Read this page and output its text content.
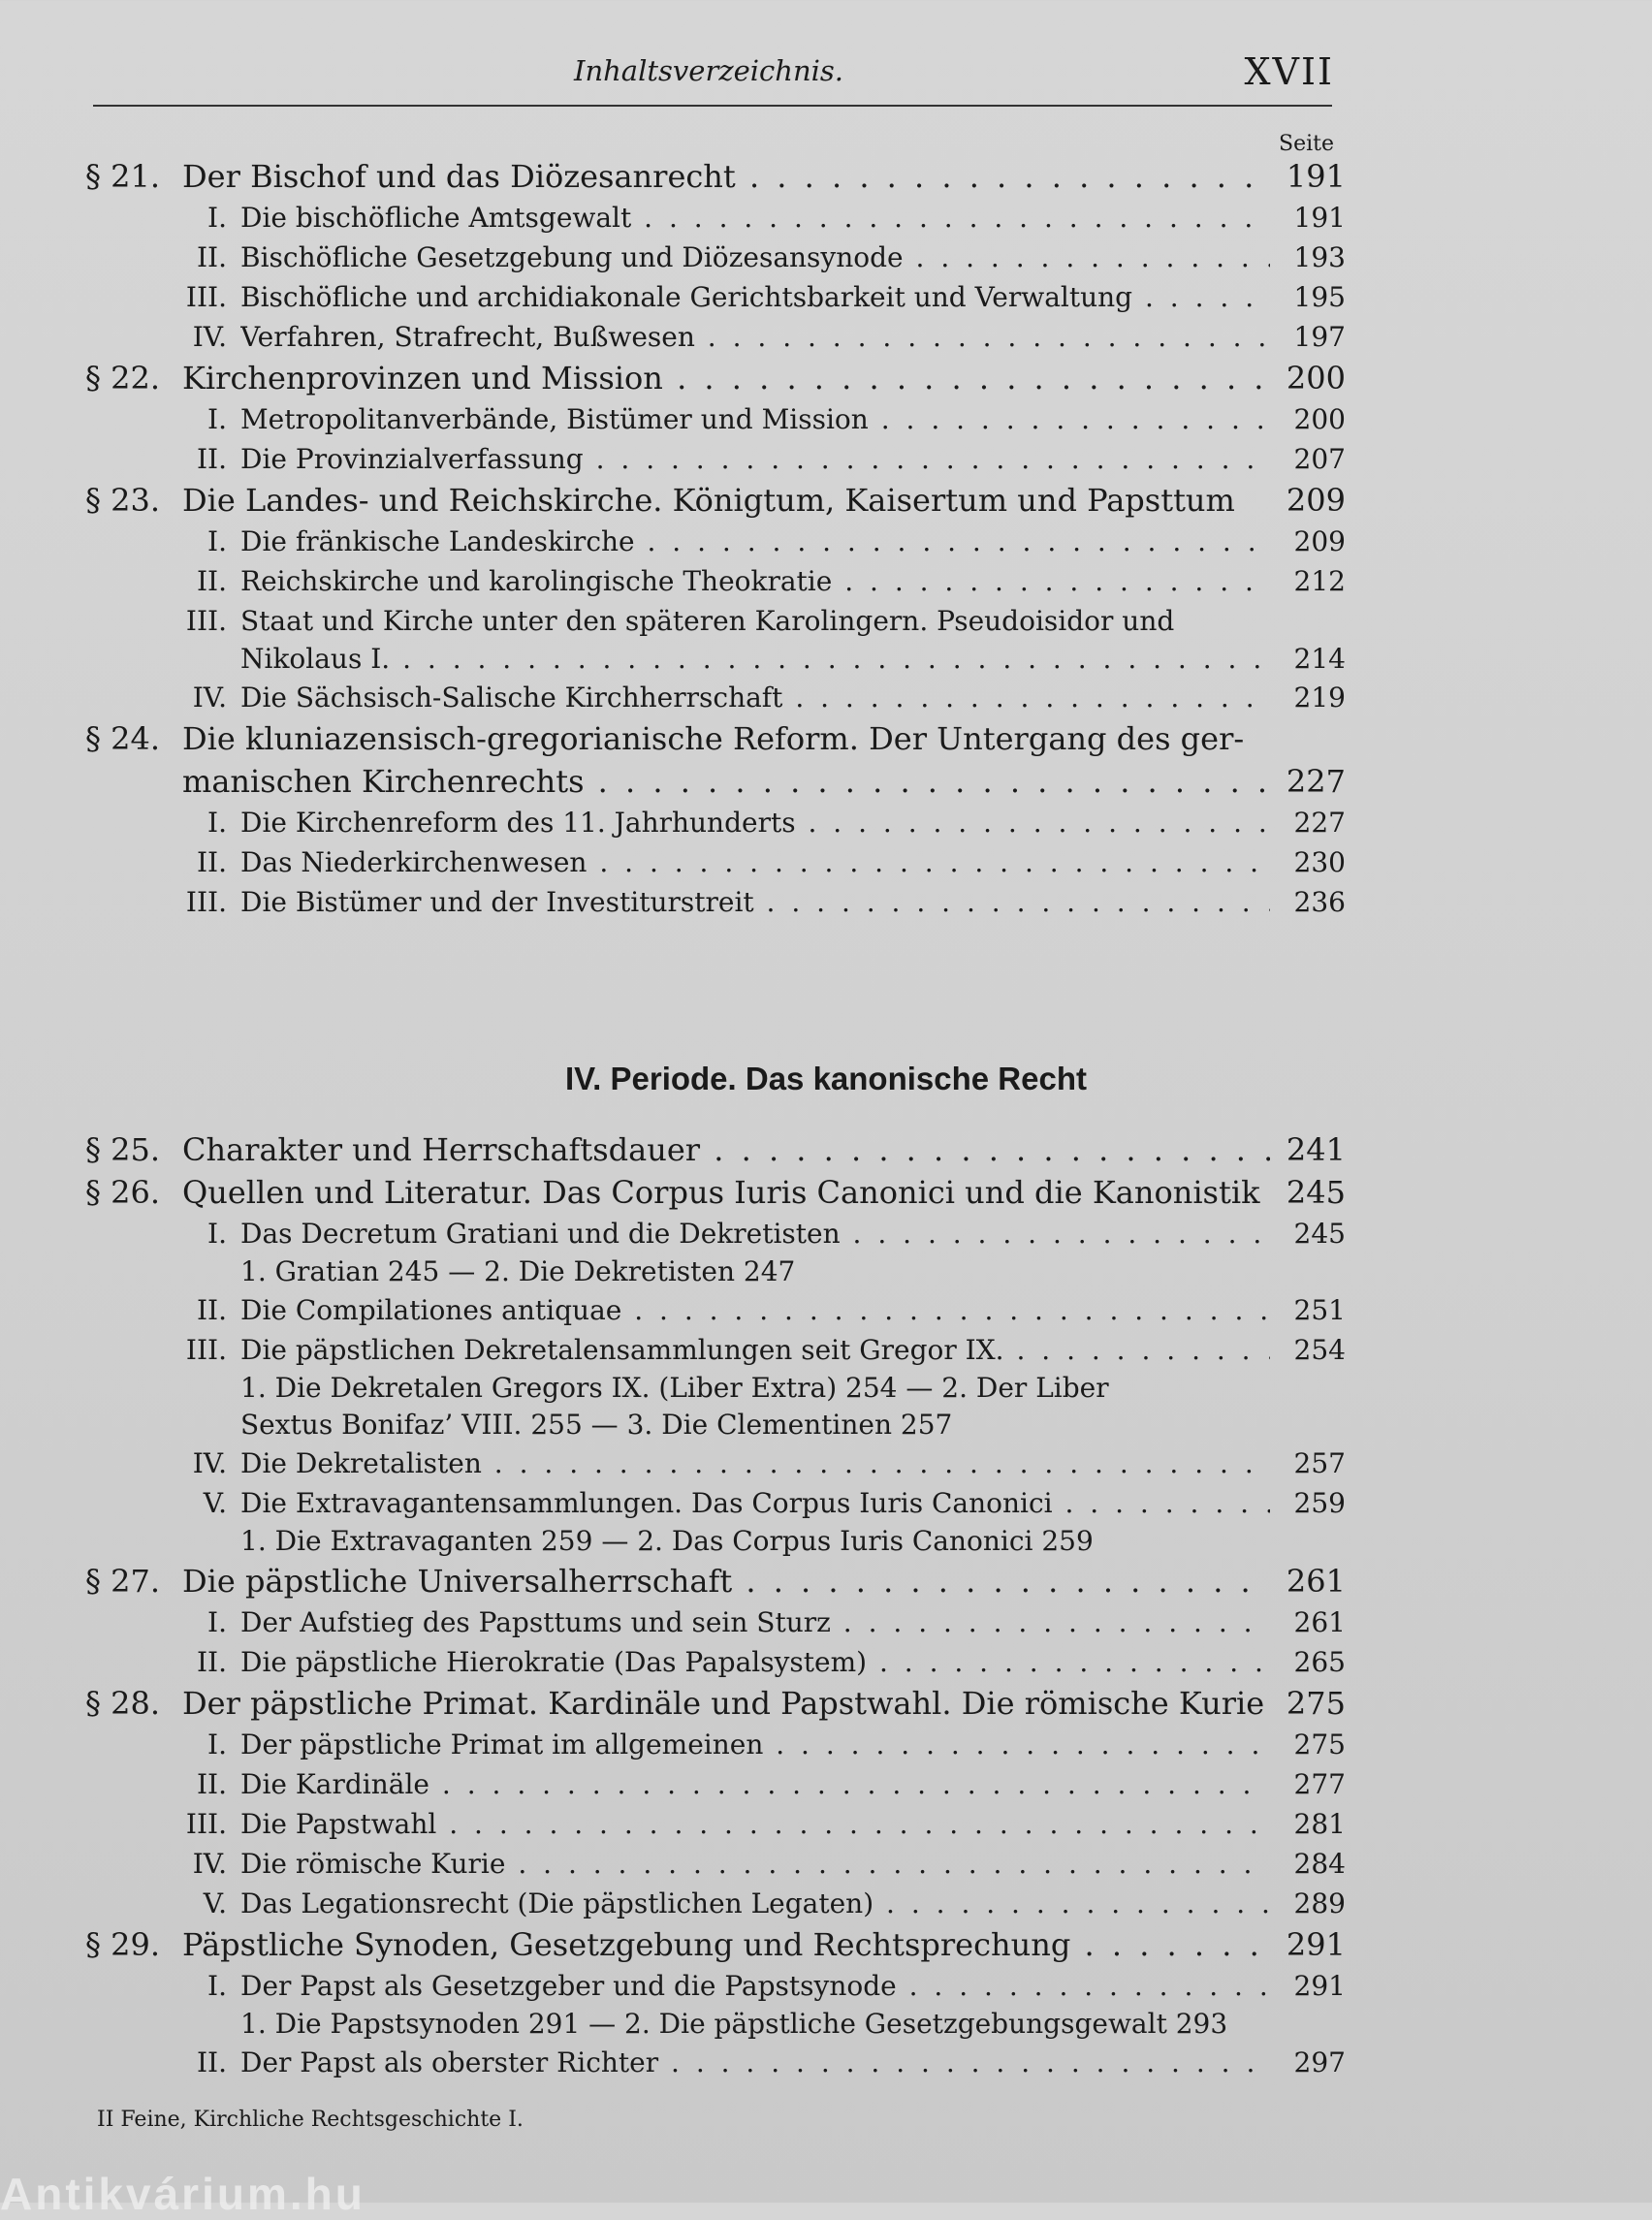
Inhaltsverzeichnis.	XVII
Seite
§ 21. Der Bischof und das Diözesanrecht . . .	191
I. Die bischöfliche Amtsgewalt . . .	191
II. Bischöfliche Gesetzgebung und Diözesansynode . . .	193
III. Bischöfliche und archidiakonale Gerichtsbarkeit und Verwaltung . . .	195
IV. Verfahren, Strafrecht, Bußwesen . . .	197
§ 22. Kirchenprovinzen und Mission . . .	200
I. Metropolitanverbände, Bistümer und Mission . . .	200
II. Die Provinzialverfassung . . .	207
§ 23. Die Landes- und Reichskirche. Königtum, Kaisertum und Papsttum	209
I. Die fränkische Landeskirche . . .	209
II. Reichskirche und karolingische Theokratie . . .	212
III. Staat und Kirche unter den späteren Karolingern. Pseudoisidor und
Nikolaus I. . . .	214
IV. Die Sächsisch-Salische Kirchherrschaft . . .	219
§ 24. Die kluniazensisch-gregorianische Reform. Der Untergang des ger-
manischen Kirchenrechts . . .	227
I. Die Kirchenreform des 11. Jahrhunderts . . .	227
II. Das Niederkirchenwesen . . .	230
III. Die Bistümer und der Investiturstreit . . .	236
IV. Periode. Das kanonische Recht
§ 25. Charakter und Herrschaftsdauer . . .	241
§ 26. Quellen und Literatur. Das Corpus Iuris Canonici und die Kanonistik 245
I. Das Decretum Gratiani und die Dekretisten . . .	245
1. Gratian 245 — 2. Die Dekretisten 247
II. Die Compilationes antiquae . . .	251
III. Die päpstlichen Dekretalensammlungen seit Gregor IX. . . .	254
1. Die Dekretalen Gregors IX. (Liber Extra) 254 — 2. Der Liber
Sextus Bonifaz’ VIII. 255 — 3. Die Clementinen 257
IV. Die Dekretalisten . . .	257
V. Die Extravagantensammlungen. Das Corpus Iuris Canonici . . .	259
1. Die Extravaganten 259 — 2. Das Corpus Iuris Canonici 259
§ 27. Die päpstliche Universalherrschaft . . .	261
I. Der Aufstieg des Papsttums und sein Sturz . . .	261
II. Die päpstliche Hierokratie (Das Papalsystem) . . .	265
§ 28. Der päpstliche Primat. Kardinäle und Papstwahl. Die römische Kurie 275
I. Der päpstliche Primat im allgemeinen . . .	275
II. Die Kardinäle . . .	277
III. Die Papstwahl . . .	281
IV. Die römische Kurie . . .	284
V. Das Legationsrecht (Die päpstlichen Legaten) . . .	289
§ 29. Päpstliche Synoden, Gesetzgebung und Rechtsprechung . . .	291
I. Der Papst als Gesetzgeber und die Papstsynode . . .	291
1. Die Papstsynoden 291 — 2. Die päpstliche Gesetzgebungsgewalt 293
II. Der Papst als oberster Richter . . .	297
II Feine, Kirchliche Rechtsgeschichte I.
Antikvárium.hu
